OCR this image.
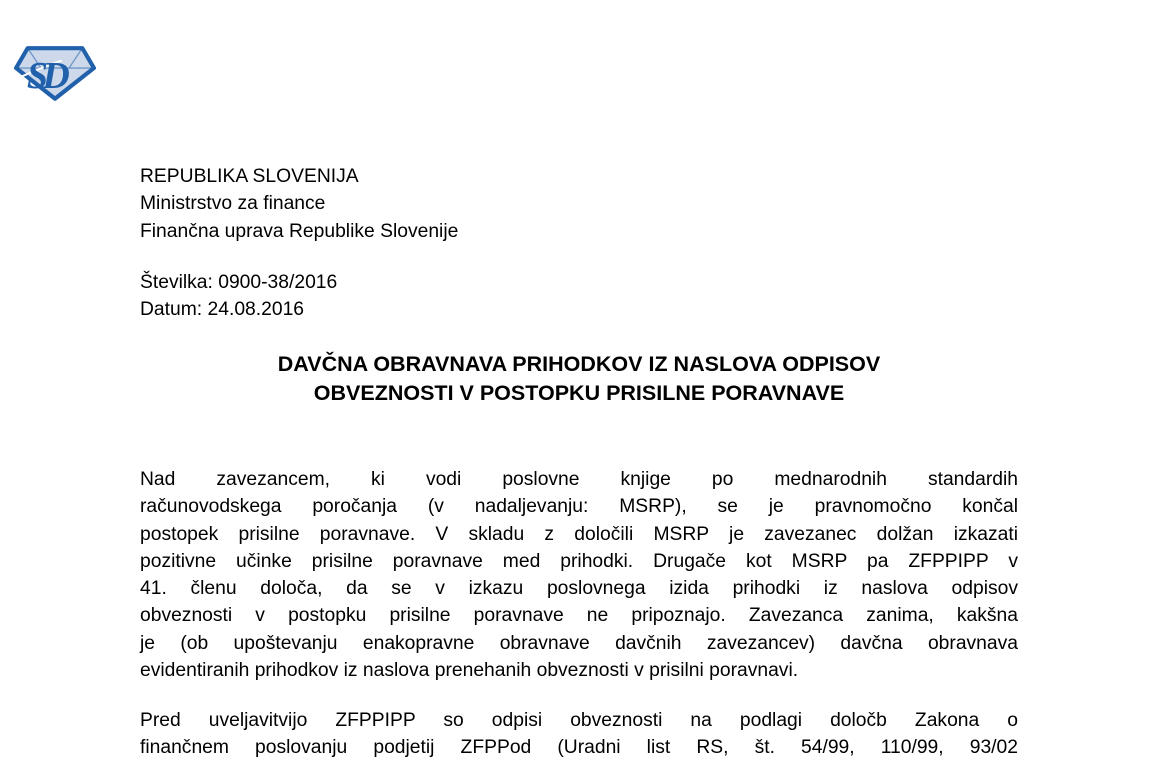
SD
REPUBLIKA SLOVENIJA
Ministrstvo za finance
Finančna uprava Republike Slovenije
Številka: 0900-38/2016
Datum: 24.08.2016
DAVČNA OBRAVNAVA PRIHODKOV IZ NASLOVA ODPISOV
OBVEZNOSTI V POSTOPKU PRISILNE PORAVNAVE
Nad zavezancem, ki vodi poslovne knjige po mednarodnih standardih
računovodskega poročanja (v nadaljevanju: MSRP), se je pravnomočno končal
postopek prisilne poravnave. V skladu z določili MSRP je zavezanec dolžan izkazati
pozitivne učinke prisilne poravnave med prihodki. Drugače kot MSRP pa ZFPPIPP v
41. členu določa, da se v izkazu poslovnega izida prihodki iz naslova odpisov
obveznosti v postopku prisilne poravnave ne pripoznajo. Zavezanca zanima, kakšna
je (ob upoštevanju enakopravne obravnave davčnih zavezancev) davčna obravnava
evidentiranih prihodkov iz naslova prenehanih obveznosti v prisilni poravnavi.
Pred uveljavitvijo ZFPPIPP so odpisi obveznosti na podlagi določb Zakona o
finančnem poslovanju podjetij ZFPPod (Uradni list RS, št. 54/99, 110/99, 93/02
